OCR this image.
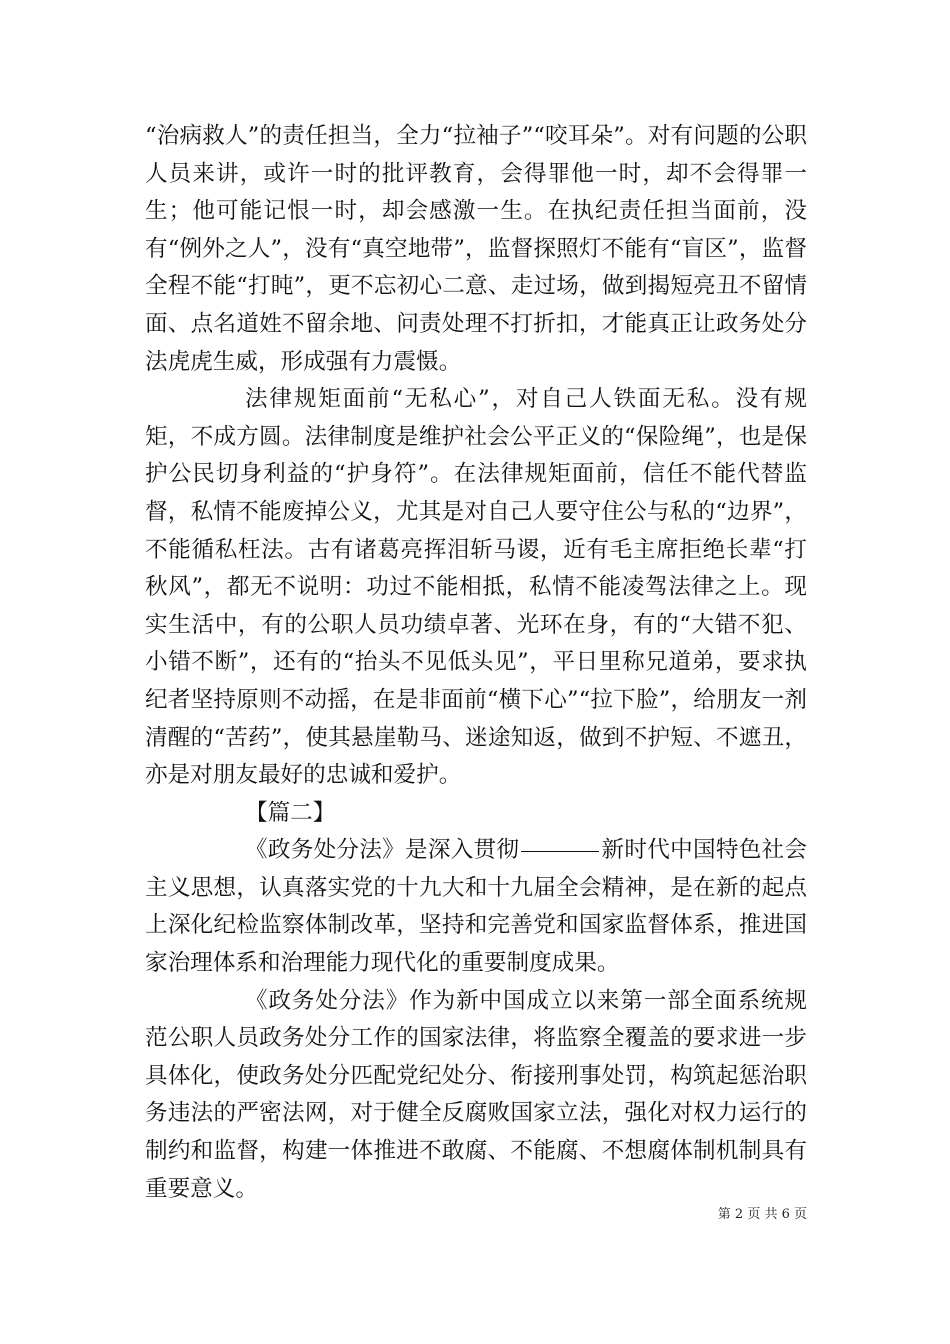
“治病救人”的责任担当，全力“拉袖子”“咬耳朵”。对有问题的公职人员来讲，或许一时的批评教育，会得罪他一时，却不会得罪一生；他可能记恨一时，却会感激一生。在执纪责任担当面前，没有“例外之人”，没有“真空地带”，监督探照灯不能有“盲区”，监督全程不能“打盹”，更不忘初心二意、走过场，做到揭短亮丑不留情面、点名道姓不留余地、问责处理不打折扣，才能真正让政务处分法虎虎生威，形成强有力震慑。

法律规矩面前“无私心”，对自己人铁面无私。没有规矩，不成方圆。法律制度是维护社会公平正义的“保险绳”，也是保护公民切身利益的“护身符”。在法律规矩面前，信任不能代替监督，私情不能废掉公义，尤其是对自己人要守住公与私的“边界”，不能循私枉法。古有诸葛亮挥泪斩马谡，近有毛主席拒绝长辈“打秋风”，都无不说明：功过不能相抵，私情不能凌驾法律之上。现实生活中，有的公职人员功绩卓著、光环在身，有的“大错不犯、小错不断”，还有的“抬头不见低头见”，平日里称兄道弟，要求执纪者坚持原则不动摇，在是非面前“横下心”“拉下脸”，给朋友一剂清醒的“苦药”，使其悬崖勒马、迷途知返，做到不护短、不遮丑，亦是对朋友最好的忠诚和爱护。

【篇二】

《政务处分法》是深入贯彻	新时代中国特色社会主义思想，认真落实党的十九大和十九届全会精神，是在新的起点上深化纪检监察体制改革，坚持和完善党和国家监督体系，推进国家治理体系和治理能力现代化的重要制度成果。

《政务处分法》作为新中国成立以来第一部全面系统规范公职人员政务处分工作的国家法律，将监察全覆盖的要求进一步具体化，使政务处分匹配党纪处分、衔接刑事处罚，构筑起惩治职务违法的严密法网，对于健全反腐败国家立法，强化对权力运行的制约和监督，构建一体推进不敢腐、不能腐、不想腐体制机制具有重要意义。

第 2 页 共 6 页
